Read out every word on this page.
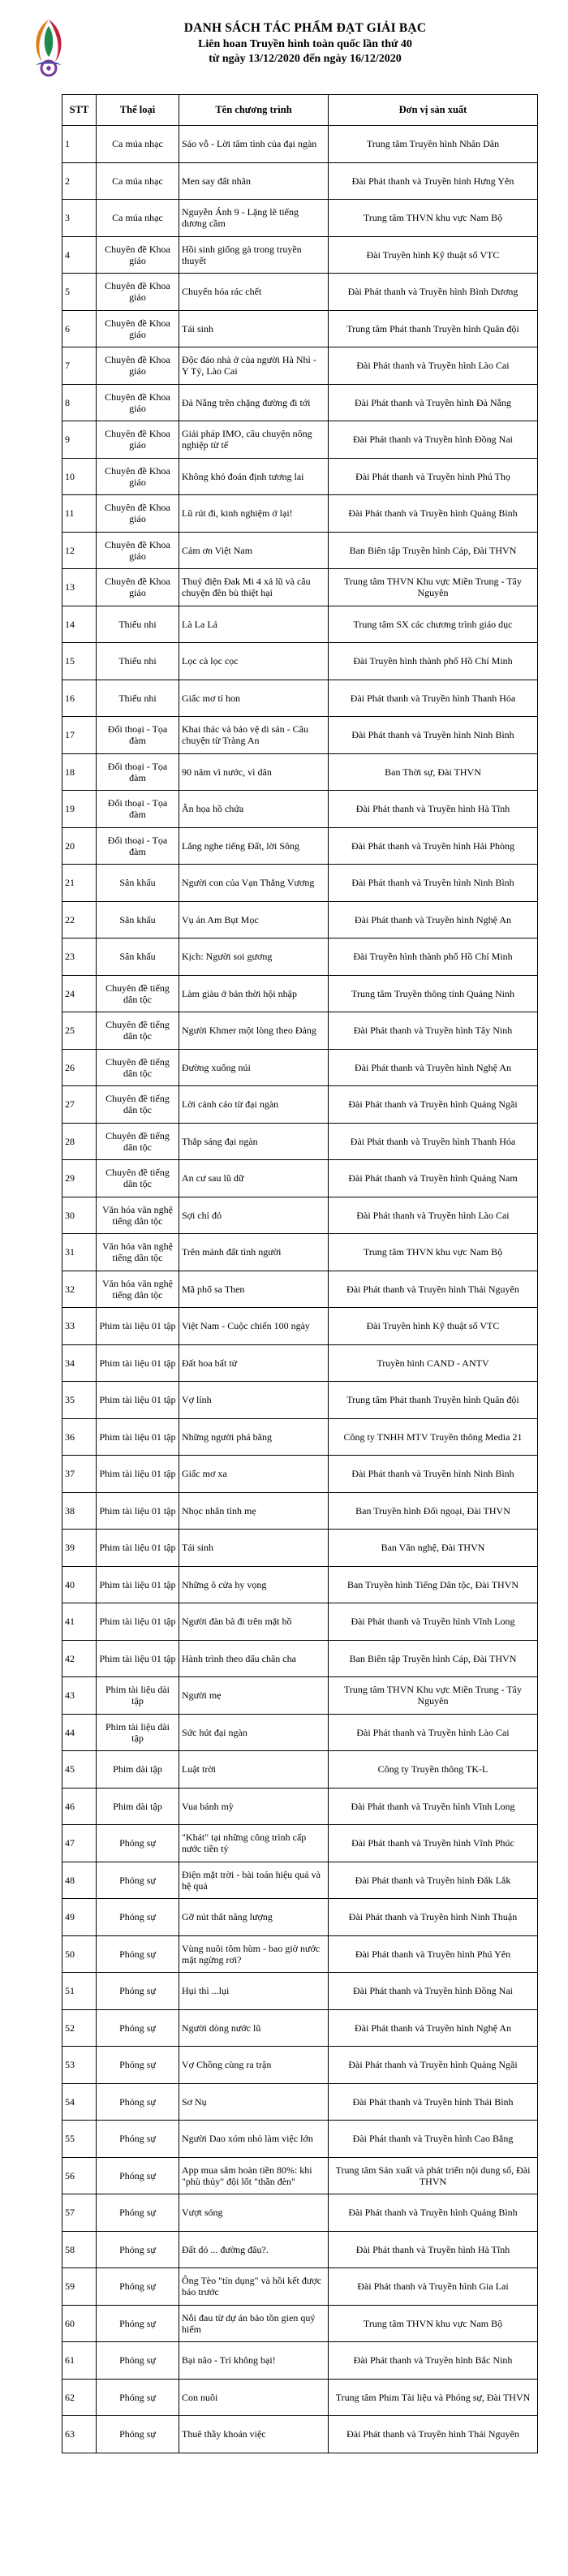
DANH SÁCH TÁC PHẨM ĐẠT GIẢI BẠC
Liên hoan Truyền hình toàn quốc lần thứ 40
từ ngày 13/12/2020 đến ngày 16/12/2020
STT	Thể loại	Tên chương trình	Đơn vị sản xuất
1	Ca múa nhạc	Sáo vỗ - Lời tâm tình của đại ngàn	Trung tâm Truyền hình Nhân Dân
2	Ca múa nhạc	Men say đất nhãn	Đài Phát thanh và Truyền hình Hưng Yên
3	Ca múa nhạc	Nguyễn Ánh 9 - Lặng lẽ tiếng dương cầm	Trung tâm THVN khu vực Nam Bộ
4	Chuyên đề Khoa giáo	Hồi sinh giống gà trong truyền thuyết	Đài Truyền hình Kỹ thuật số VTC
5	Chuyên đề Khoa giáo	Chuyển hóa rác chết	Đài Phát thanh và Truyền hình Bình Dương
6	Chuyên đề Khoa giáo	Tái sinh	Trung tâm Phát thanh Truyền hình Quân đội
7	Chuyên đề Khoa giáo	Độc đáo nhà ở của người Hà Nhì - Y Tý, Lào Cai	Đài Phát thanh và Truyền hình Lào Cai
8	Chuyên đề Khoa giáo	Đà Nẵng trên chặng đường đi tới	Đài Phát thanh và Truyền hình Đà Nẵng
9	Chuyên đề Khoa giáo	Giải pháp IMO, câu chuyện nông nghiệp từ tế	Đài Phát thanh và Truyền hình Đồng Nai
10	Chuyên đề Khoa giáo	Không khó đoán định tương lai	Đài Phát thanh và Truyền hình Phú Thọ
11	Chuyên đề Khoa giáo	Lũ rút đi, kinh nghiệm ở lại!	Đài Phát thanh và Truyền hình Quảng Bình
12	Chuyên đề Khoa giáo	Cảm ơn Việt Nam	Ban Biên tập Truyền hình Cáp, Đài THVN
13	Chuyên đề Khoa giáo	Thuỷ điện Đak Mi 4 xả lũ và câu chuyện đền bù thiệt hại	Trung tâm THVN Khu vực Miền Trung - Tây Nguyên
14	Thiếu nhi	Là La Lá	Trung tâm SX các chương trình giáo dục
15	Thiếu nhi	Lọc cà lọc cọc	Đài Truyền hình thành phố Hồ Chí Minh
16	Thiếu nhi	Giấc mơ tí hon	Đài Phát thanh và Truyền hình Thanh Hóa
17	Đối thoại - Tọa đàm	Khai thác và bảo vệ di sản - Câu chuyện từ Tràng An	Đài Phát thanh và Truyền hình Ninh Bình
18	Đối thoại - Tọa đàm	90 năm vì nước, vì dân	Ban Thời sự, Đài THVN
19	Đối thoại - Tọa đàm	Ân họa hồ chứa	Đài Phát thanh và Truyền hình Hà Tĩnh
20	Đối thoại - Tọa đàm	Lắng nghe tiếng Đất, lời Sông	Đài Phát thanh và Truyền hình Hải Phòng
21	Sân khấu	Người con của Vạn Thắng Vương	Đài Phát thanh và Truyền hình Ninh Bình
22	Sân khấu	Vụ án Am Bụt Mọc	Đài Phát thanh và Truyền hình Nghệ An
23	Sân khấu	Kịch: Người soi gương	Đài Truyền hình thành phố Hồ Chí Minh
24	Chuyên đề tiếng dân tộc	Làm giàu ở bản thời hội nhập	Trung tâm Truyền thông tỉnh Quảng Ninh
25	Chuyên đề tiếng dân tộc	Người Khmer một lòng theo Đảng	Đài Phát thanh và Truyền hình Tây Ninh
26	Chuyên đề tiếng dân tộc	Đường xuống núi	Đài Phát thanh và Truyền hình Nghệ An
27	Chuyên đề tiếng dân tộc	Lời cảnh cáo từ đại ngàn	Đài Phát thanh và Truyền hình Quảng Ngãi
28	Chuyên đề tiếng dân tộc	Thắp sáng đại ngàn	Đài Phát thanh và Truyền hình Thanh Hóa
29	Chuyên đề tiếng dân tộc	An cư sau lũ dữ	Đài Phát thanh và Truyền hình Quảng Nam
30	Văn hóa văn nghệ tiếng dân tộc	Sợi chỉ đỏ	Đài Phát thanh và Truyền hình Lào Cai
31	Văn hóa văn nghệ tiếng dân tộc	Trên mảnh đất tình người	Trung tâm THVN khu vực Nam Bộ
32	Văn hóa văn nghệ tiếng dân tộc	Mã phố sa Then	Đài Phát thanh và Truyền hình Thái Nguyên
33	Phim tài liệu 01 tập	Việt Nam - Cuộc chiến 100 ngày	Đài Truyền hình Kỹ thuật số VTC
34	Phim tài liệu 01 tập	Đất hoa bất tử	Truyền hình CAND - ANTV
35	Phim tài liệu 01 tập	Vợ lính	Trung tâm Phát thanh Truyền hình Quân đội
36	Phim tài liệu 01 tập	Những người phá băng	Công ty TNHH MTV Truyền thông Media 21
37	Phim tài liệu 01 tập	Giấc mơ xa	Đài Phát thanh và Truyền hình Ninh Bình
38	Phim tài liệu 01 tập	Nhọc nhằn tình mẹ	Ban Truyền hình Đối ngoại, Đài THVN
39	Phim tài liệu 01 tập	Tái sinh	Ban Văn nghệ, Đài THVN
40	Phim tài liệu 01 tập	Những ô cửa hy vọng	Ban Truyền hình Tiếng Dân tộc, Đài THVN
41	Phim tài liệu 01 tập	Người đàn bà đi trên mặt hồ	Đài Phát thanh và Truyền hình Vĩnh Long
42	Phim tài liệu 01 tập	Hành trình theo dấu chân cha	Ban Biên tập Truyền hình Cáp, Đài THVN
43	Phim tài liệu dài tập	Người mẹ	Trung tâm THVN Khu vực Miền Trung - Tây Nguyên
44	Phim tài liệu dài tập	Sức hút đại ngàn	Đài Phát thanh và Truyền hình Lào Cai
45	Phim dài tập	Luật trời	Công ty Truyền thông TK-L
46	Phim dài tập	Vua bánh mỳ	Đài Phát thanh và Truyền hình Vĩnh Long
47	Phóng sự	"Khát" tại những công trình cấp nước tiền tỷ	Đài Phát thanh và Truyền hình Vĩnh Phúc
48	Phóng sự	Điện mặt trời - bài toán hiệu quả và hệ quả	Đài Phát thanh và Truyền hình Đắk Lắk
49	Phóng sự	Gỡ nút thắt năng lượng	Đài Phát thanh và Truyền hình Ninh Thuận
50	Phóng sự	Vùng nuôi tôm hùm - bao giờ nước mặt ngừng rơi?	Đài Phát thanh và Truyền hình Phú Yên
51	Phóng sự	Hụi thì ...lụi	Đài Phát thanh và Truyền hình Đồng Nai
52	Phóng sự	Người dòng nước lũ	Đài Phát thanh và Truyền hình Nghệ An
53	Phóng sự	Vợ Chồng cùng ra trận	Đài Phát thanh và Truyền hình Quảng Ngãi
54	Phóng sự	Sơ Nụ	Đài Phát thanh và Truyền hình Thái Bình
55	Phóng sự	Người Dao xóm nhỏ làm việc lớn	Đài Phát thanh và Truyền hình Cao Bằng
56	Phóng sự	App mua sắm hoàn tiền 80%: khi "phù thủy" đội lốt "thần đèn"	Trung tâm Sản xuất và phát triển nội dung số, Đài THVN
57	Phóng sự	Vượt sóng	Đài Phát thanh và Truyền hình Quảng Bình
58	Phóng sự	Đất dỏ ... đường đâu?.	Đài Phát thanh và Truyền hình Hà Tĩnh
59	Phóng sự	Ông Tèo "tín dụng" và hồi kết được báo trước	Đài Phát thanh và Truyền hình Gia Lai
60	Phóng sự	Nỗi đau từ dự án bảo tồn gien quý hiếm	Trung tâm THVN khu vực Nam Bộ
61	Phóng sự	Bại não - Trí không bại!	Đài Phát thanh và Truyền hình Bắc Ninh
62	Phóng sự	Con nuôi	Trung tâm Phim Tài liệu và Phóng sự, Đài THVN
63	Phóng sự	Thuê thầy khoán việc	Đài Phát thanh và Truyền hình Thái Nguyên
